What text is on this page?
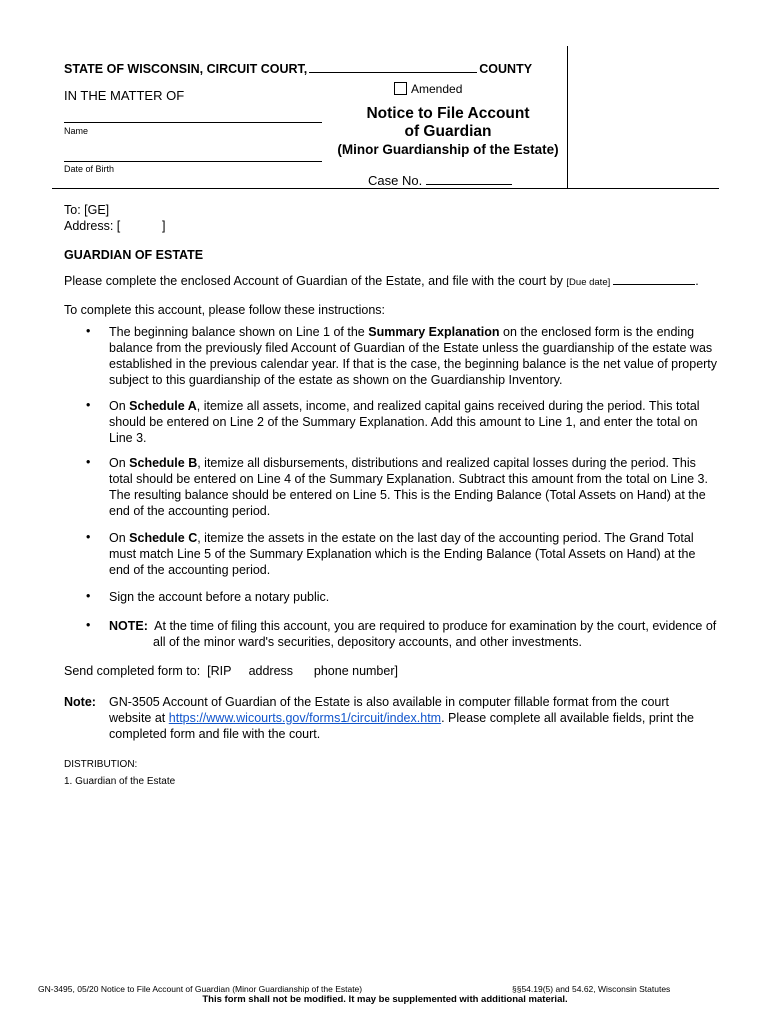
STATE OF WISCONSIN, CIRCUIT COURT,	COUNTY
IN THE MATTER OF
Name
Date of Birth
Amended
Notice to File Account
of Guardian
(Minor Guardianship of the Estate)
Case No.
To: [GE]
Address: [            ]
GUARDIAN OF ESTATE
Please complete the enclosed Account of Guardian of the Estate, and file with the court by [Due date]	.
To complete this account, please follow these instructions:
• The beginning balance shown on Line 1 of the Summary Explanation on the enclosed form is the ending balance from the previously filed Account of Guardian of the Estate unless the guardianship of the estate was established in the previous calendar year. If that is the case, the beginning balance is the net value of property subject to this guardianship of the estate as shown on the Guardianship Inventory.
• On Schedule A, itemize all assets, income, and realized capital gains received during the period. This total should be entered on Line 2 of the Summary Explanation. Add this amount to Line 1, and enter the total on Line 3.
• On Schedule B, itemize all disbursements, distributions and realized capital losses during the period. This total should be entered on Line 4 of the Summary Explanation. Subtract this amount from the total on Line 3. The resulting balance should be entered on Line 5. This is the Ending Balance (Total Assets on Hand) at the end of the accounting period.
• On Schedule C, itemize the assets in the estate on the last day of the accounting period. The Grand Total must match Line 5 of the Summary Explanation which is the Ending Balance (Total Assets on Hand) at the end of the accounting period.
• Sign the account before a notary public.
• NOTE: At the time of filing this account, you are required to produce for examination by the court, evidence of all of the minor ward's securities, depository accounts, and other investments.
Send completed form to:  [RIP     address      phone number]
Note: GN-3505 Account of Guardian of the Estate is also available in computer fillable format from the court website at https://www.wicourts.gov/forms1/circuit/index.htm. Please complete all available fields, print the completed form and file with the court.
DISTRIBUTION:
1. Guardian of the Estate
GN-3495, 05/20 Notice to File Account of Guardian (Minor Guardianship of the Estate)	§§54.19(5) and 54.62, Wisconsin Statutes
This form shall not be modified. It may be supplemented with additional material.
